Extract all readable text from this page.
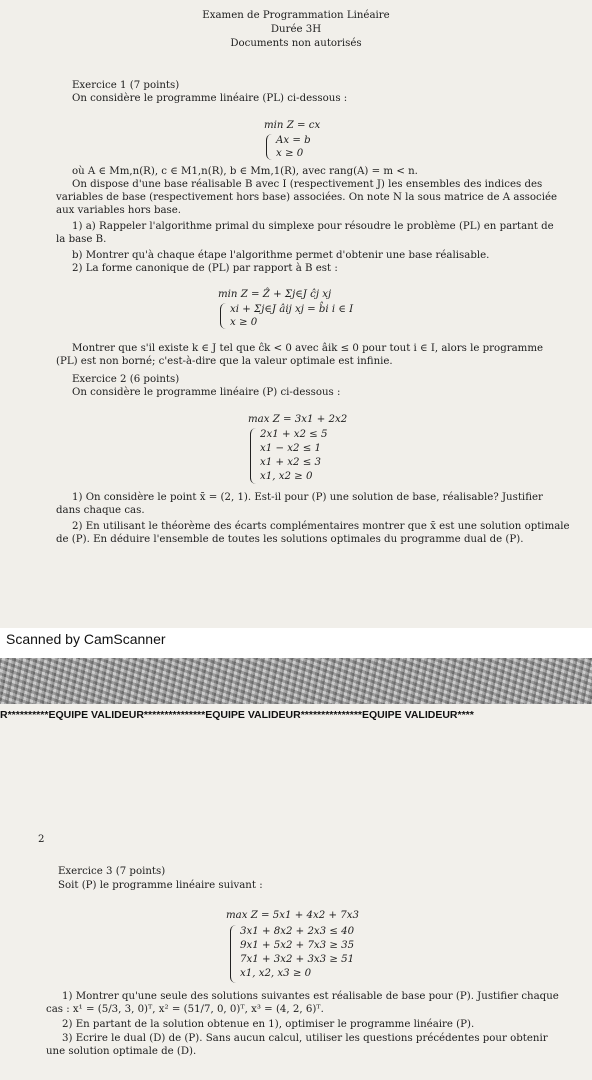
Examen de Programmation Linéaire
Durée 3H
Documents non autorisés
Exercice 1 (7 points)
On considère le programme linéaire (PL) ci-dessous :
min Z = cx
Ax = b
x ≥ 0
où A ∈ Mm,n(R), c ∈ M1,n(R), b ∈ Mm,1(R), avec rang(A) = m < n.
On dispose d'une base réalisable B avec I (respectivement J) les ensembles des indices des
variables de base (respectivement hors base) associées. On note N la sous matrice de A associée
aux variables hors base.
1) a) Rappeler l'algorithme primal du simplexe pour résoudre le problème (PL) en partant de
la base B.
b) Montrer qu'à chaque étape l'algorithme permet d'obtenir une base réalisable.
2) La forme canonique de (PL) par rapport à B est :
min Z = Ẑ + Σj∈J ĉj xj
xi + Σj∈J âij xj = b̂i i ∈ I
x ≥ 0
Montrer que s'il existe k ∈ J tel que ĉk < 0 avec âik ≤ 0 pour tout i ∈ I, alors le programme
(PL) est non borné; c'est-à-dire que la valeur optimale est infinie.
Exercice 2 (6 points)
On considère le programme linéaire (P) ci-dessous :
max Z = 3x1 + 2x2
2x1 + x2 ≤ 5
x1 − x2 ≤ 1
x1 + x2 ≤ 3
x1, x2 ≥ 0
1) On considère le point x̄ = (2, 1). Est-il pour (P) une solution de base, réalisable? Justifier
dans chaque cas.
2) En utilisant le théorème des écarts complémentaires montrer que x̄ est une solution optimale
de (P). En déduire l'ensemble de toutes les solutions optimales du programme dual de (P).
Scanned by CamScanner
R**********EQUIPE VALIDEUR***************EQUIPE VALIDEUR***************EQUIPE VALIDEUR****
2
Exercice 3 (7 points)
Soit (P) le programme linéaire suivant :
max Z = 5x1 + 4x2 + 7x3
3x1 + 8x2 + 2x3 ≤ 40
9x1 + 5x2 + 7x3 ≥ 35
7x1 + 3x2 + 3x3 ≥ 51
x1, x2, x3 ≥ 0
1) Montrer qu'une seule des solutions suivantes est réalisable de base pour (P). Justifier chaque
cas : x¹ = (5/3, 3, 0)ᵀ, x² = (51/7, 0, 0)ᵀ, x³ = (4, 2, 6)ᵀ.
2) En partant de la solution obtenue en 1), optimiser le programme linéaire (P).
3) Ecrire le dual (D) de (P). Sans aucun calcul, utiliser les questions précédentes pour obtenir
une solution optimale de (D).
